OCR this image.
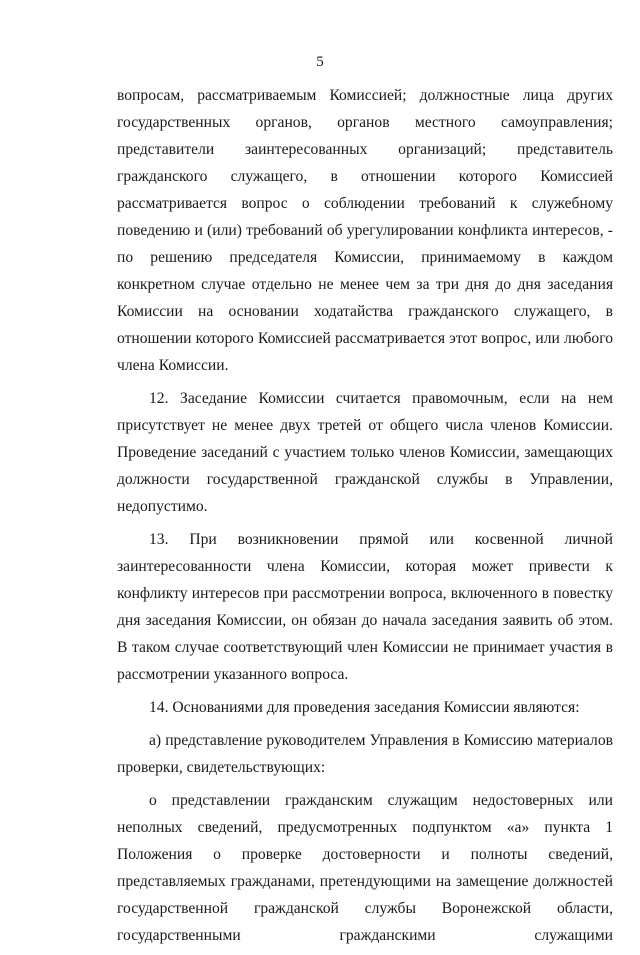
5

вопросам, рассматриваемым Комиссией; должностные лица других государственных органов, органов местного самоуправления; представители заинтересованных организаций; представитель гражданского служащего, в отношении которого Комиссией рассматривается вопрос о соблюдении требований к служебному поведению и (или) требований об урегулировании конфликта интересов, - по решению председателя Комиссии, принимаемому в каждом конкретном случае отдельно не менее чем за три дня до дня заседания Комиссии на основании ходатайства гражданского служащего, в отношении которого Комиссией рассматривается этот вопрос, или любого члена Комиссии.

12. Заседание Комиссии считается правомочным, если на нем присутствует не менее двух третей от общего числа членов Комиссии. Проведение заседаний с участием только членов Комиссии, замещающих должности государственной гражданской службы в Управлении, недопустимо.

13. При возникновении прямой или косвенной личной заинтересованности члена Комиссии, которая может привести к конфликту интересов при рассмотрении вопроса, включенного в повестку дня заседания Комиссии, он обязан до начала заседания заявить об этом. В таком случае соответствующий член Комиссии не принимает участия в рассмотрении указанного вопроса.

14. Основаниями для проведения заседания Комиссии являются:

а) представление руководителем Управления в Комиссию материалов проверки, свидетельствующих:

о представлении гражданским служащим недостоверных или неполных сведений, предусмотренных подпунктом «а» пункта 1 Положения о проверке достоверности и полноты сведений, представляемых гражданами, претендующими на замещение должностей государственной гражданской службы Воронежской области, государственными гражданскими служащими
